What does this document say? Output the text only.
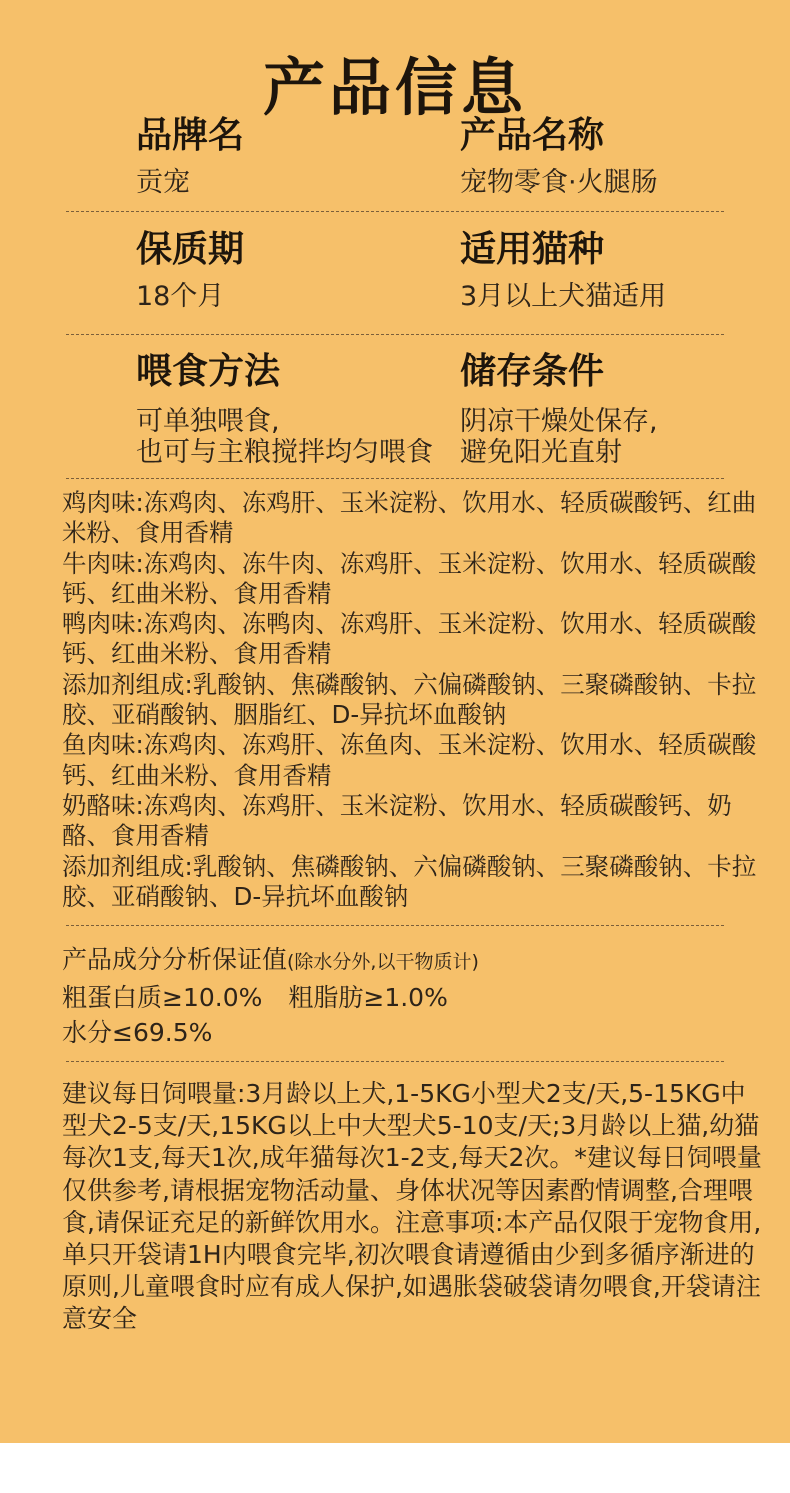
产品信息
品牌名
贡宠
产品名称
宠物零食·火腿肠
保质期
18个月
适用猫种
3月以上犬猫适用
喂食方法
可单独喂食,
也可与主粮搅拌均匀喂食
储存条件
阴凉干燥处保存,
避免阳光直射

鸡肉味:冻鸡肉、冻鸡肝、玉米淀粉、饮用水、轻质碳酸钙、红曲米粉、食用香精

牛肉味:冻鸡肉、冻牛肉、冻鸡肝、玉米淀粉、饮用水、轻质碳酸钙、红曲米粉、食用香精

鸭肉味:冻鸡肉、冻鸭肉、冻鸡肝、玉米淀粉、饮用水、轻质碳酸钙、红曲米粉、食用香精

添加剂组成:乳酸钠、焦磷酸钠、六偏磷酸钠、三聚磷酸钠、卡拉胶、亚硝酸钠、胭脂红、D-异抗坏血酸钠

鱼肉味:冻鸡肉、冻鸡肝、冻鱼肉、玉米淀粉、饮用水、轻质碳酸钙、红曲米粉、食用香精

奶酪味:冻鸡肉、冻鸡肝、玉米淀粉、饮用水、轻质碳酸钙、奶酪、食用香精

添加剂组成:乳酸钠、焦磷酸钠、六偏磷酸钠、三聚磷酸钠、卡拉胶、亚硝酸钠、D-异抗坏血酸钠

产品成分分析保证值(除水分外,以干物质计)
粗蛋白质≥10.0% 粗脂肪≥1.0%
水分≤69.5%
建议每日饲喂量:3月龄以上犬,1-5KG小型犬2支/天,5-15KG中型犬2-5支/天,15KG以上中大型犬5-10支/天;3月龄以上猫,幼猫每次1支,每天1次,成年猫每次1-2支,每天2次。*建议每日饲喂量仅供参考,请根据宠物活动量、身体状况等因素酌情调整,合理喂食,请保证充足的新鲜饮用水。注意事项:本产品仅限于宠物食用,单只开袋请1H内喂食完毕,初次喂食请遵循由少到多循序渐进的原则,儿童喂食时应有成人保护,如遇胀袋破袋请勿喂食,开袋请注意安全
